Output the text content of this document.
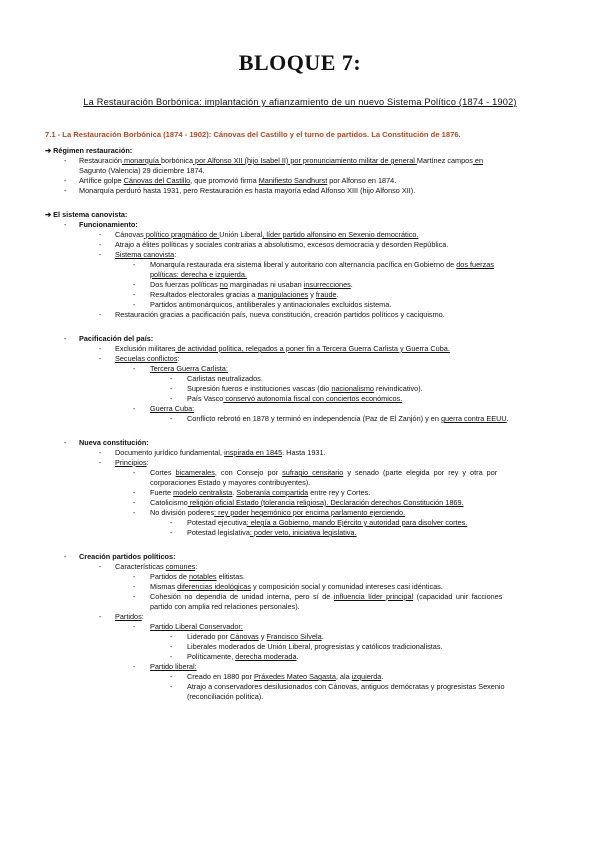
BLOQUE 7:
La Restauración Borbónica: implantación y afianzamiento de un nuevo Sistema Político (1874 - 1902)
7.1 - La Restauración Borbónica (1874 - 1902): Cánovas del Castillo y el turno de partidos. La Constitución de 1876.
➔ Régimen restauración:
- Restauración monarquía borbónica por Alfonso XII (hijo Isabel II) por pronunciamiento militar de general Martínez campos en
Sagunto (Valencia) 29 diciembre 1874.
- Artífice golpe Cánovas del Castillo, que promovió firma Manifiesto Sandhurst por Alfonso en 1874.
- Monarquía perduró hasta 1931, pero Restauración es hasta mayoría edad Alfonso XIII (hijo Alfonso XII).
➔ El sistema canovista:
- Funcionamiento:
- Cánovas político pragmático de Unión Liberal, líder partido alfonsino en Sexenio democrático.
- Atrajo a élites políticas y sociales contrarias a absolutismo, excesos democracia y desorden República.
- Sistema canovista:
- Monarquía restaurada era sistema liberal y autoritario con alternancia pacífica en Gobierno de dos fuerzas
políticas: derecha e izquierda.
- Dos fuerzas políticas no marginadas ni usaban insurrecciones.
- Resultados electorales gracias a manipulaciones y fraude.
- Partidos antimonárquicos, antiliberales y antinacionales excluidos sistema.
- Restauración gracias a pacificación país, nueva constitución, creación partidos políticos y caciquismo.
- Pacificación del país:
- Exclusión militares de actividad política, relegados a poner fin a Tercera Guerra Carlista y Guerra Cuba.
- Secuelas conflictos:
- Tercera Guerra Carlista:
- Carlistas neutralizados.
- Supresión fueros e instituciones vascas (dio nacionalismo reivindicativo).
- País Vasco conservó autonomía fiscal con conciertos económicos.
- Guerra Cuba:
- Conflicto rebrotó en 1878 y terminó en independencia (Paz de El Zanjón) y en guerra contra EEUU.
- Nueva constitución:
- Documento jurídico fundamental, inspirada en 1845. Hasta 1931.
- Principios:
- Cortes bicamerales, con Consejo por sufragio censitario y senado (parte elegida por rey y otra por
corporaciones Estado y mayores contribuyentes).
- Fuerte modelo centralista. Soberanía compartida entre rey y Cortes.
- Catolicismo religión oficial Estado (tolerancia religiosa). Declaración derechos Constitución 1869.
- No división poderes: rey poder hegemónico por encima parlamento ejerciendo.
- Potestad ejecutiva: elegía a Gobierno, mando Ejército y autoridad para disolver cortes.
- Potestad legislativa: poder veto, iniciativa legislativa.
- Creación partidos políticos:
- Características comunes:
- Partidos de notables elitistas.
- Mismas diferencias ideológicas y composición social y comunidad intereses casi idénticas.
- Cohesión no dependía de unidad interna, pero sí de influencia líder principal (capacidad unir facciones
partido con amplia red relaciones personales).
- Partidos:
- Partido Liberal Conservador:
- Liderado por Cánovas y Francisco Silvela.
- Liberales moderados de Unión Liberal, progresistas y católicos tradicionalistas.
- Políticamente, derecha moderada.
- Partido liberal:
- Creado en 1880 por Práxedes Mateo Sagasta, ala izquierda.
- Atrajo a conservadores desilusionados con Cánovas, antiguos demócratas y progresistas Sexenio
(reconciliación política).
